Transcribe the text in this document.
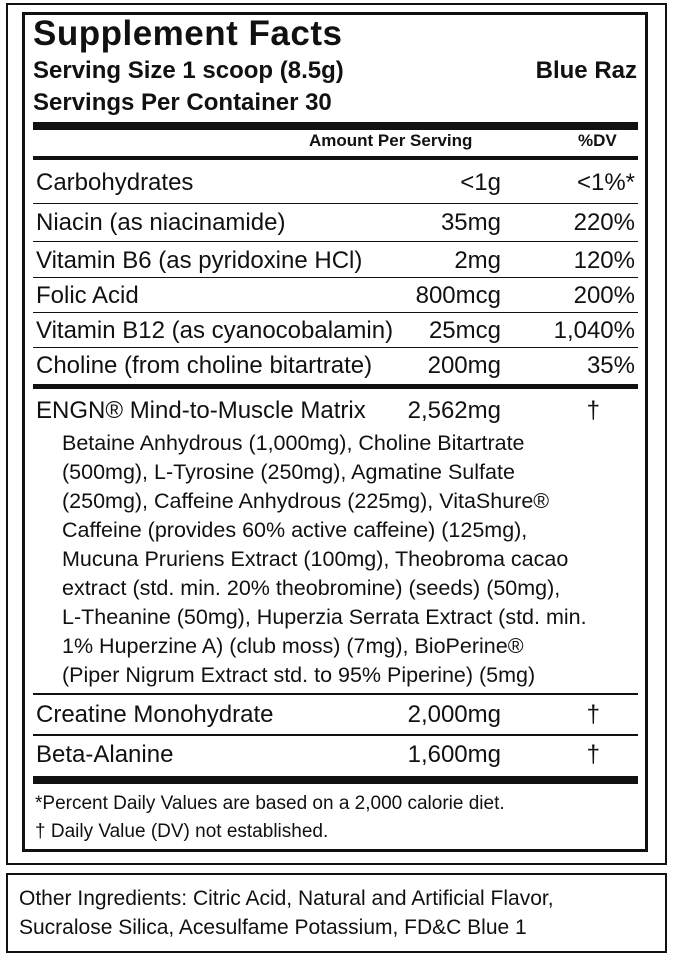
Supplement Facts
Serving Size 1 scoop (8.5g)	Blue Raz
Servings Per Container 30
Amount Per Serving	%DV
Carbohydrates	<1g	<1%*
Niacin (as niacinamide)	35mg	220%
Vitamin B6 (as pyridoxine HCl)	2mg	120%
Folic Acid	800mcg	200%
Vitamin B12 (as cyanocobalamin) 25mcg 1,040%
Choline (from choline bitartrate) 200mg	35%
ENGN® Mind-to-Muscle Matrix 2,562mg	†
Betaine Anhydrous (1,000mg), Choline Bitartrate
(500mg), L-Tyrosine (250mg), Agmatine Sulfate
(250mg), Caffeine Anhydrous (225mg), VitaShure®
Caffeine (provides 60% active caffeine) (125mg),
Mucuna Pruriens Extract (100mg), Theobroma cacao
extract (std. min. 20% theobromine) (seeds) (50mg),
L-Theanine (50mg), Huperzia Serrata Extract (std. min.
1% Huperzine A) (club moss) (7mg), BioPerine®
(Piper Nigrum Extract std. to 95% Piperine) (5mg)
Creatine Monohydrate	2,000mg	†
Beta-Alanine	1,600mg	†
*Percent Daily Values are based on a 2,000 calorie diet.
† Daily Value (DV) not established.
Other Ingredients: Citric Acid, Natural and Artificial Flavor, Sucralose Silica, Acesulfame Potassium, FD&C Blue 1
